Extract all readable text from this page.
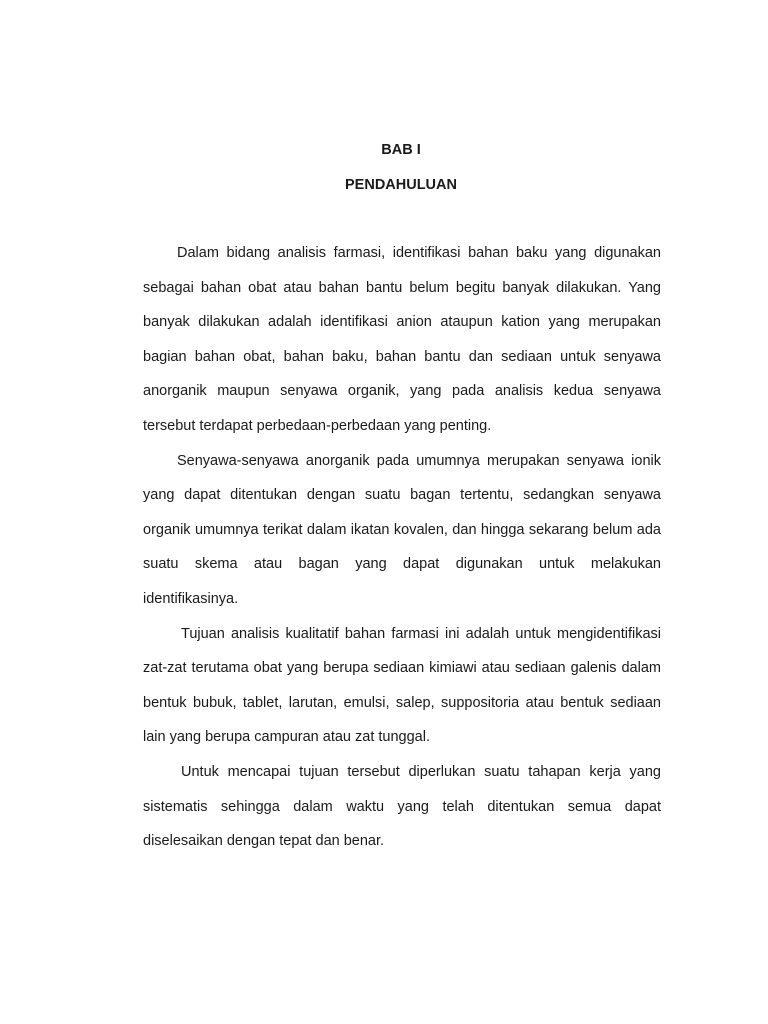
BAB I
PENDAHULUAN

Dalam bidang analisis farmasi, identifikasi bahan baku yang digunakan sebagai bahan obat atau bahan bantu belum begitu banyak dilakukan. Yang banyak dilakukan adalah identifikasi anion ataupun kation yang merupakan bagian bahan obat, bahan baku, bahan bantu dan sediaan untuk senyawa anorganik maupun senyawa organik, yang pada analisis kedua senyawa tersebut terdapat perbedaan-perbedaan yang penting.

Senyawa-senyawa anorganik pada umumnya merupakan senyawa ionik yang dapat ditentukan dengan suatu bagan tertentu, sedangkan senyawa organik umumnya terikat dalam ikatan kovalen, dan hingga sekarang belum ada suatu skema atau bagan yang dapat digunakan untuk melakukan identifikasinya.

Tujuan analisis kualitatif bahan farmasi ini adalah untuk mengidentifikasi zat-zat terutama obat yang berupa sediaan kimiawi atau sediaan galenis dalam bentuk bubuk, tablet, larutan, emulsi, salep, suppositoria atau bentuk sediaan lain yang berupa campuran atau zat tunggal.

Untuk mencapai tujuan tersebut diperlukan suatu tahapan kerja yang sistematis sehingga dalam waktu yang telah ditentukan semua dapat diselesaikan dengan tepat dan benar.
